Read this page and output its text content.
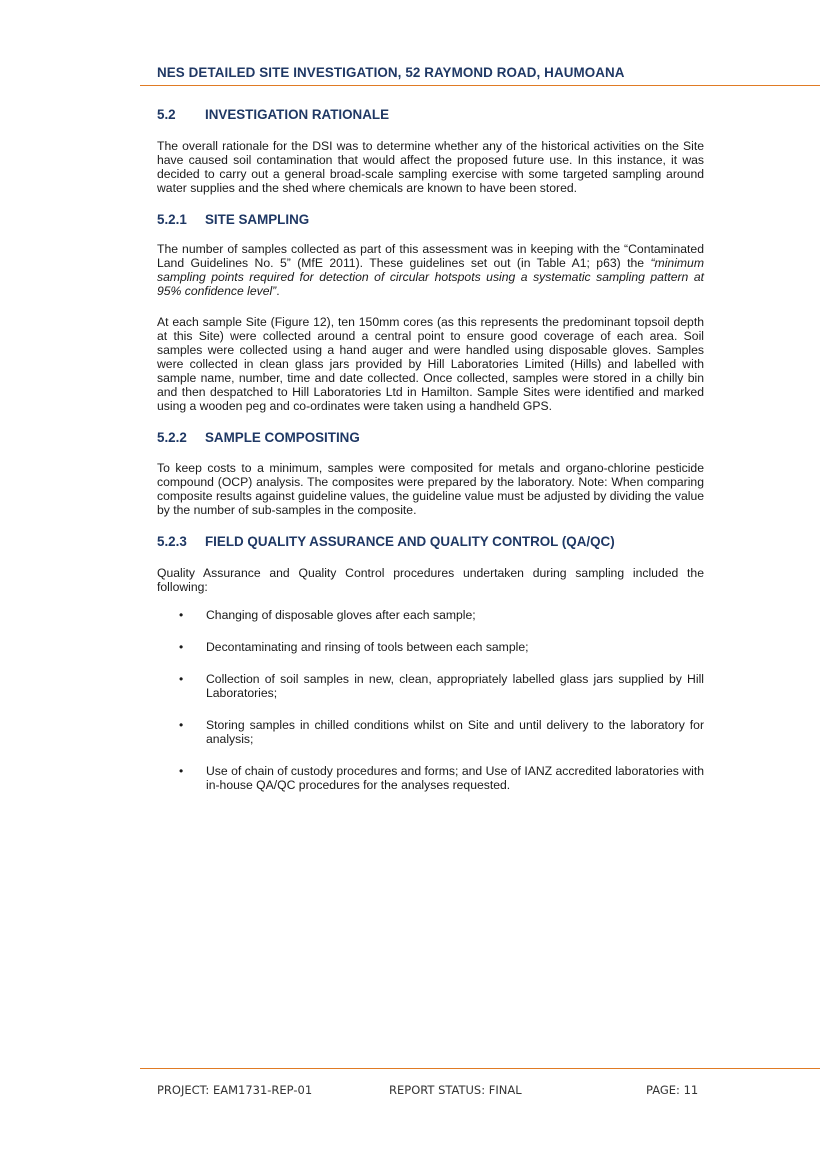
NES DETAILED SITE INVESTIGATION, 52 RAYMOND ROAD, HAUMOANA
5.2	INVESTIGATION RATIONALE

The overall rationale for the DSI was to determine whether any of the historical activities on the Site have caused soil contamination that would affect the proposed future use. In this instance, it was decided to carry out a general broad-scale sampling exercise with some targeted sampling around water supplies and the shed where chemicals are known to have been stored.

5.2.1	SITE SAMPLING

The number of samples collected as part of this assessment was in keeping with the “Contaminated Land Guidelines No. 5” (MfE 2011). These guidelines set out (in Table A1; p63) the “minimum sampling points required for detection of circular hotspots using a systematic sampling pattern at 95% confidence level”.

At each sample Site (Figure 12), ten 150mm cores (as this represents the predominant topsoil depth at this Site) were collected around a central point to ensure good coverage of each area. Soil samples were collected using a hand auger and were handled using disposable gloves. Samples were collected in clean glass jars provided by Hill Laboratories Limited (Hills) and labelled with sample name, number, time and date collected. Once collected, samples were stored in a chilly bin and then despatched to Hill Laboratories Ltd in Hamilton. Sample Sites were identified and marked using a wooden peg and co-ordinates were taken using a handheld GPS.

5.2.2	SAMPLE COMPOSITING

To keep costs to a minimum, samples were composited for metals and organo-chlorine pesticide compound (OCP) analysis. The composites were prepared by the laboratory. Note: When comparing composite results against guideline values, the guideline value must be adjusted by dividing the value by the number of sub-samples in the composite.

5.2.3	FIELD QUALITY ASSURANCE AND QUALITY CONTROL (QA/QC)

Quality Assurance and Quality Control procedures undertaken during sampling included the following:

• Changing of disposable gloves after each sample;
• Decontaminating and rinsing of tools between each sample;
• Collection of soil samples in new, clean, appropriately labelled glass jars supplied by Hill Laboratories;
• Storing samples in chilled conditions whilst on Site and until delivery to the laboratory for analysis;
• Use of chain of custody procedures and forms; and Use of IANZ accredited laboratories with in-house QA/QC procedures for the analyses requested.
PROJECT: EAM1731-REP-01	REPORT STATUS: FINAL	PAGE: 11
